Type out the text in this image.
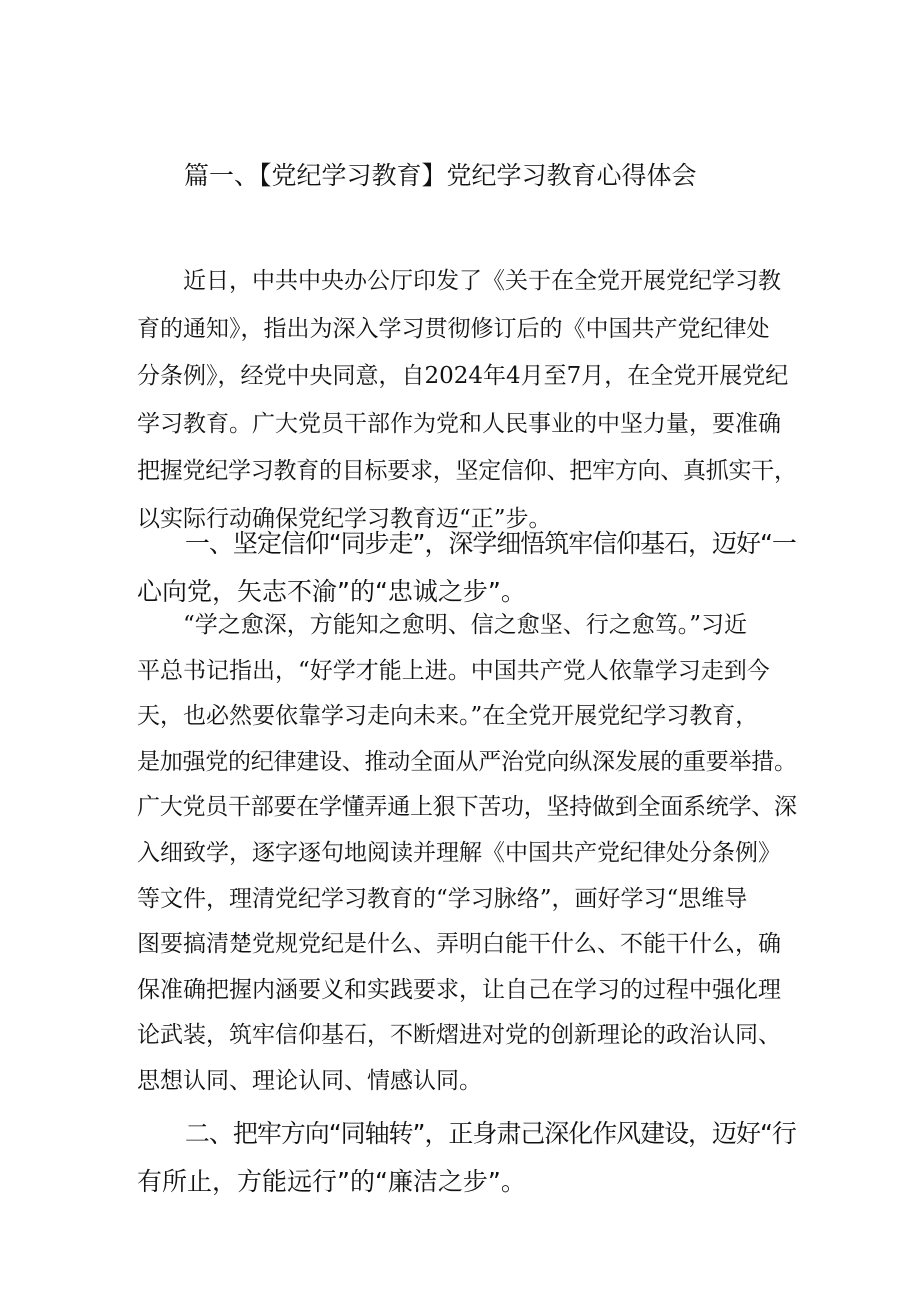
篇一、【党纪学习教育】党纪学习教育心得体会
　　近日，中共中央办公厅印发了《关于在全党开展党纪学习教
育的通知》，指出为深入学习贯彻修订后的《中国共产党纪律处
分条例》，经党中央同意，自2024年4月至7月，在全党开展党纪
学习教育。广大党员干部作为党和人民事业的中坚力量，要准确
把握党纪学习教育的目标要求，坚定信仰、把牢方向、真抓实干，
以实际行动确保党纪学习教育迈“正”步。
　　一、坚定信仰“同步走”，深学细悟筑牢信仰基石，迈好“一
心向党，矢志不渝”的“忠诚之步”。
　　“学之愈深，方能知之愈明、信之愈坚、行之愈笃。”习近
平总书记指出，“好学才能上进。中国共产党人依靠学习走到今
天，也必然要依靠学习走向未来。”在全党开展党纪学习教育，
是加强党的纪律建设、推动全面从严治党向纵深发展的重要举措。
广大党员干部要在学懂弄通上狠下苦功，坚持做到全面系统学、深
入细致学，逐字逐句地阅读并理解《中国共产党纪律处分条例》
等文件，理清党纪学习教育的“学习脉络”，画好学习“思维导
图要搞清楚党规党纪是什么、弄明白能干什么、不能干什么，确
保准确把握内涵要义和实践要求，让自己在学习的过程中强化理
论武装，筑牢信仰基石，不断熠进对党的创新理论的政治认同、
思想认同、理论认同、情感认同。
　　二、把牢方向“同轴转”，正身肃己深化作风建设，迈好“行
有所止，方能远行”的“廉洁之步”。
